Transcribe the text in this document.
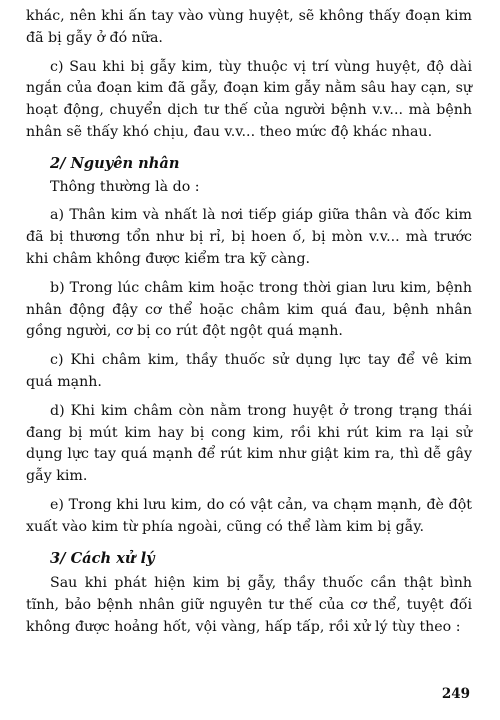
khác, nên khi ấn tay vào vùng huyệt, sẽ không thấy đoạn kim đã bị gẫy ở đó nữa.

c) Sau khi bị gẫy kim, tùy thuộc vị trí vùng huyệt, độ dài ngắn của đoạn kim đã gẫy, đoạn kim gẫy nằm sâu hay cạn, sự hoạt động, chuyển dịch tư thế của người bệnh v.v... mà bệnh nhân sẽ thấy khó chịu, đau v.v... theo mức độ khác nhau.

2/ Nguyên nhân

Thông thường là do :

a) Thân kim và nhất là nơi tiếp giáp giữa thân và đốc kim đã bị thương tổn như bị rỉ, bị hoen ố, bị mòn v.v... mà trước khi châm không được kiểm tra kỹ càng.

b) Trong lúc châm kim hoặc trong thời gian lưu kim, bệnh nhân động đậy cơ thể hoặc châm kim quá đau, bệnh nhân gồng người, cơ bị co rút đột ngột quá mạnh.

c) Khi châm kim, thầy thuốc sử dụng lực tay để vê kim quá mạnh.

d) Khi kim châm còn nằm trong huyệt ở trong trạng thái đang bị mút kim hay bị cong kim, rồi khi rút kim ra lại sử dụng lực tay quá mạnh để rút kim như giật kim ra, thì dễ gây gẫy kim.

e) Trong khi lưu kim, do có vật cản, va chạm mạnh, đè đột xuất vào kim từ phía ngoài, cũng có thể làm kim bị gẫy.

3/ Cách xử lý

Sau khi phát hiện kim bị gẫy, thầy thuốc cần thật bình tĩnh, bảo bệnh nhân giữ nguyên tư thế của cơ thể, tuyệt đối không được hoảng hốt, vội vàng, hấp tấp, rồi xử lý tùy theo :

249
